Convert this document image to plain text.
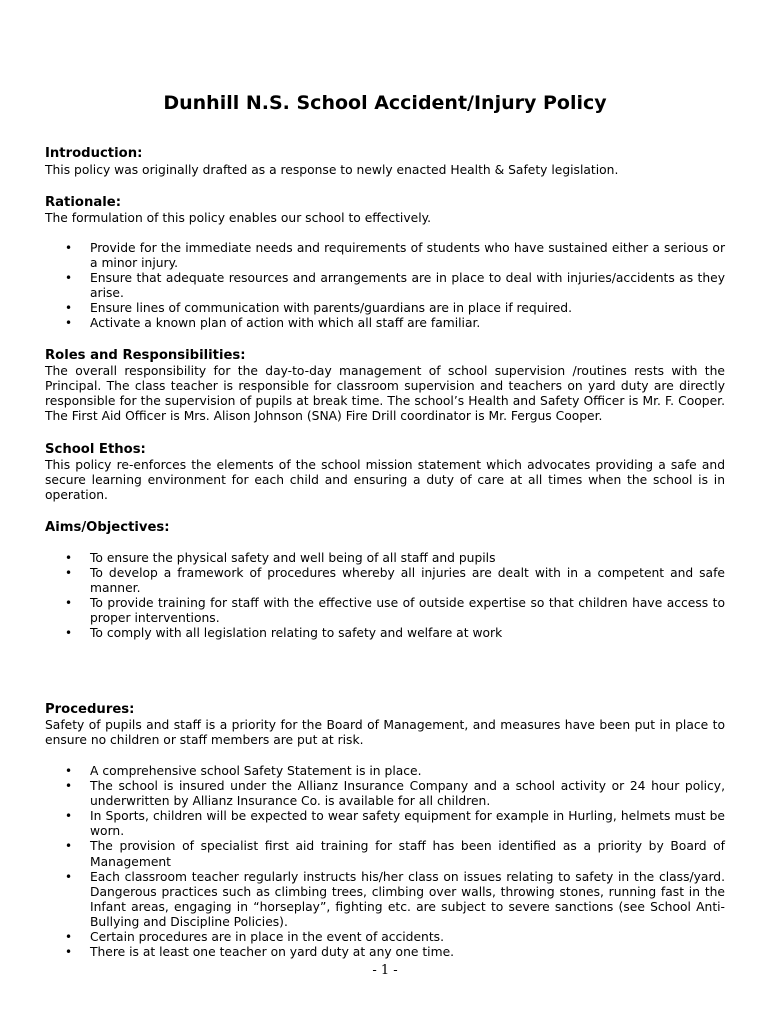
Dunhill N.S. School Accident/Injury Policy
Introduction:

This policy was originally drafted as a response to newly enacted Health & Safety legislation.

Rationale:

The formulation of this policy enables our school to effectively.

• Provide for the immediate needs and requirements of students who have sustained either a serious or a minor injury.
• Ensure that adequate resources and arrangements are in place to deal with injuries/accidents as they arise.
• Ensure lines of communication with parents/guardians are in place if required.
• Activate a known plan of action with which all staff are familiar.
Roles and Responsibilities:

The overall responsibility for the day-to-day management of school supervision /routines rests with the Principal. The class teacher is responsible for classroom supervision and teachers on yard duty are directly responsible for the supervision of pupils at break time. The school’s Health and Safety Officer is Mr. F. Cooper. The First Aid Officer is Mrs. Alison Johnson (SNA) Fire Drill coordinator is Mr. Fergus Cooper.

School Ethos:

This policy re-enforces the elements of the school mission statement which advocates providing a safe and secure learning environment for each child and ensuring a duty of care at all times when the school is in operation.

Aims/Objectives:
• To ensure the physical safety and well being of all staff and pupils
• To develop a framework of procedures whereby all injuries are dealt with in a competent and safe manner.
• To provide training for staff with the effective use of outside expertise so that children have access to proper interventions.
• To comply with all legislation relating to safety and welfare at work
Procedures:

Safety of pupils and staff is a priority for the Board of Management, and measures have been put in place to ensure no children or staff members are put at risk.

• A comprehensive school Safety Statement is in place.
• The school is insured under the Allianz Insurance Company and a school activity or 24 hour policy, underwritten by Allianz Insurance Co. is available for all children.
• In Sports, children will be expected to wear safety equipment for example in Hurling, helmets must be worn.
• The provision of specialist first aid training for staff has been identified as a priority by Board of Management
• Each classroom teacher regularly instructs his/her class on issues relating to safety in the class/yard. Dangerous practices such as climbing trees, climbing over walls, throwing stones, running fast in the Infant areas, engaging in “horseplay”, fighting etc. are subject to severe sanctions (see School Anti-Bullying and Discipline Policies).
• Certain procedures are in place in the event of accidents.
• There is at least one teacher on yard duty at any one time.
- 1 -
